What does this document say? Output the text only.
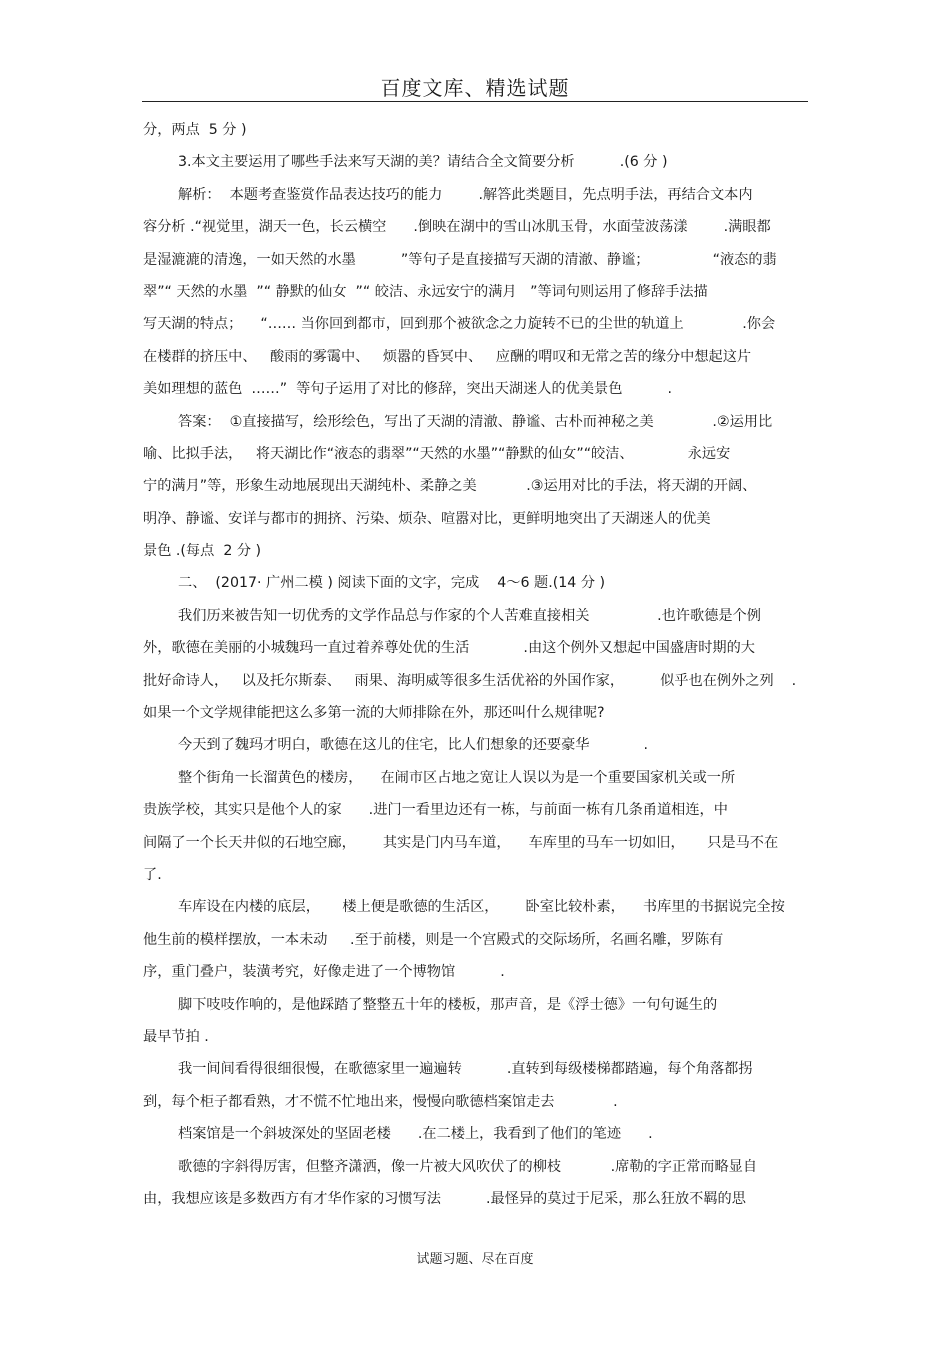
百度文库、精选试题
分，两点  5 分 )
3.本文主要运用了哪些手法来写天湖的美？请结合全文简要分析          .(6 分 )
解析：  本题考查鉴赏作品表达技巧的能力        .解答此类题目，先点明手法，再结合文本内
容分析 .“视觉里，湖天一色，长云横空      .倒映在湖中的雪山冰肌玉骨，水面莹波荡漾        .满眼都
是湿漉漉的清逸，一如天然的水墨          ”等句子是直接描写天湖的清澈、静谧；              “液态的翡
翠”“ 天然的水墨  ”“ 静默的仙女  ”“ 皎洁、永远安宁的满月   ”等词句则运用了修辞手法描
写天湖的特点；    “…… 当你回到都市，回到那个被欲念之力旋转不已的尘世的轨道上             .你会
在楼群的挤压中、   酸雨的雾霭中、   烦嚣的昏冥中、   应酬的喟叹和无常之苦的缘分中想起这片
美如理想的蓝色  ……”  等句子运用了对比的修辞，突出天湖迷人的优美景色          .
答案：  ①直接描写，绘形绘色，写出了天湖的清澈、静谧、古朴而神秘之美             .②运用比
喻、比拟手法，   将天湖比作“液态的翡翠”“天然的水墨”“静默的仙女”“皎洁、            永远安
宁的满月”等，形象生动地展现出天湖纯朴、柔静之美           .③运用对比的手法，将天湖的开阔、
明净、静谧、安详与都市的拥挤、污染、烦杂、喧嚣对比，更鲜明地突出了天湖迷人的优美
景色 .(每点  2 分 )
二、  (2017· 广州二模 ) 阅读下面的文字，完成    4～6 题.(14 分 )
我们历来被告知一切优秀的文学作品总与作家的个人苦难直接相关               .也许歌德是个例
外，歌德在美丽的小城魏玛一直过着养尊处优的生活            .由这个例外又想起中国盛唐时期的大
批好命诗人，   以及托尔斯泰、   雨果、海明威等很多生活优裕的外国作家，        似乎也在例外之列    .
如果一个文学规律能把这么多第一流的大师排除在外，那还叫什么规律呢?
今天到了魏玛才明白，歌德在这儿的住宅，比人们想象的还要豪华            .
整个街角一长溜黄色的楼房，    在闹市区占地之宽让人误以为是一个重要国家机关或一所
贵族学校，其实只是他个人的家      .进门一看里边还有一栋，与前面一栋有几条甬道相连，中
间隔了一个长天井似的石地空廊，      其实是门内马车道，    车库里的马车一切如旧，     只是马不在
了.
车库设在内楼的底层，     楼上便是歌德的生活区，      卧室比较朴素，    书库里的书据说完全按
他生前的模样摆放，一本未动     .至于前楼，则是一个宫殿式的交际场所，名画名雕，罗陈有
序，重门叠户，装潢考究，好像走进了一个博物馆          .
脚下吱吱作响的，是他踩踏了整整五十年的楼板，那声音，是《浮士德》一句句诞生的
最早节拍 .
我一间间看得很细很慢，在歌德家里一遍遍转          .直转到每级楼梯都踏遍，每个角落都拐
到，每个柜子都看熟，才不慌不忙地出来，慢慢向歌德档案馆走去             .
档案馆是一个斜坡深处的坚固老楼      .在二楼上，我看到了他们的笔迹      .
歌德的字斜得厉害，但整齐潇洒，像一片被大风吹伏了的柳枝           .席勒的字正常而略显自
由，我想应该是多数西方有才华作家的习惯写法          .最怪异的莫过于尼采，那么狂放不羁的思
试题习题、尽在百度
